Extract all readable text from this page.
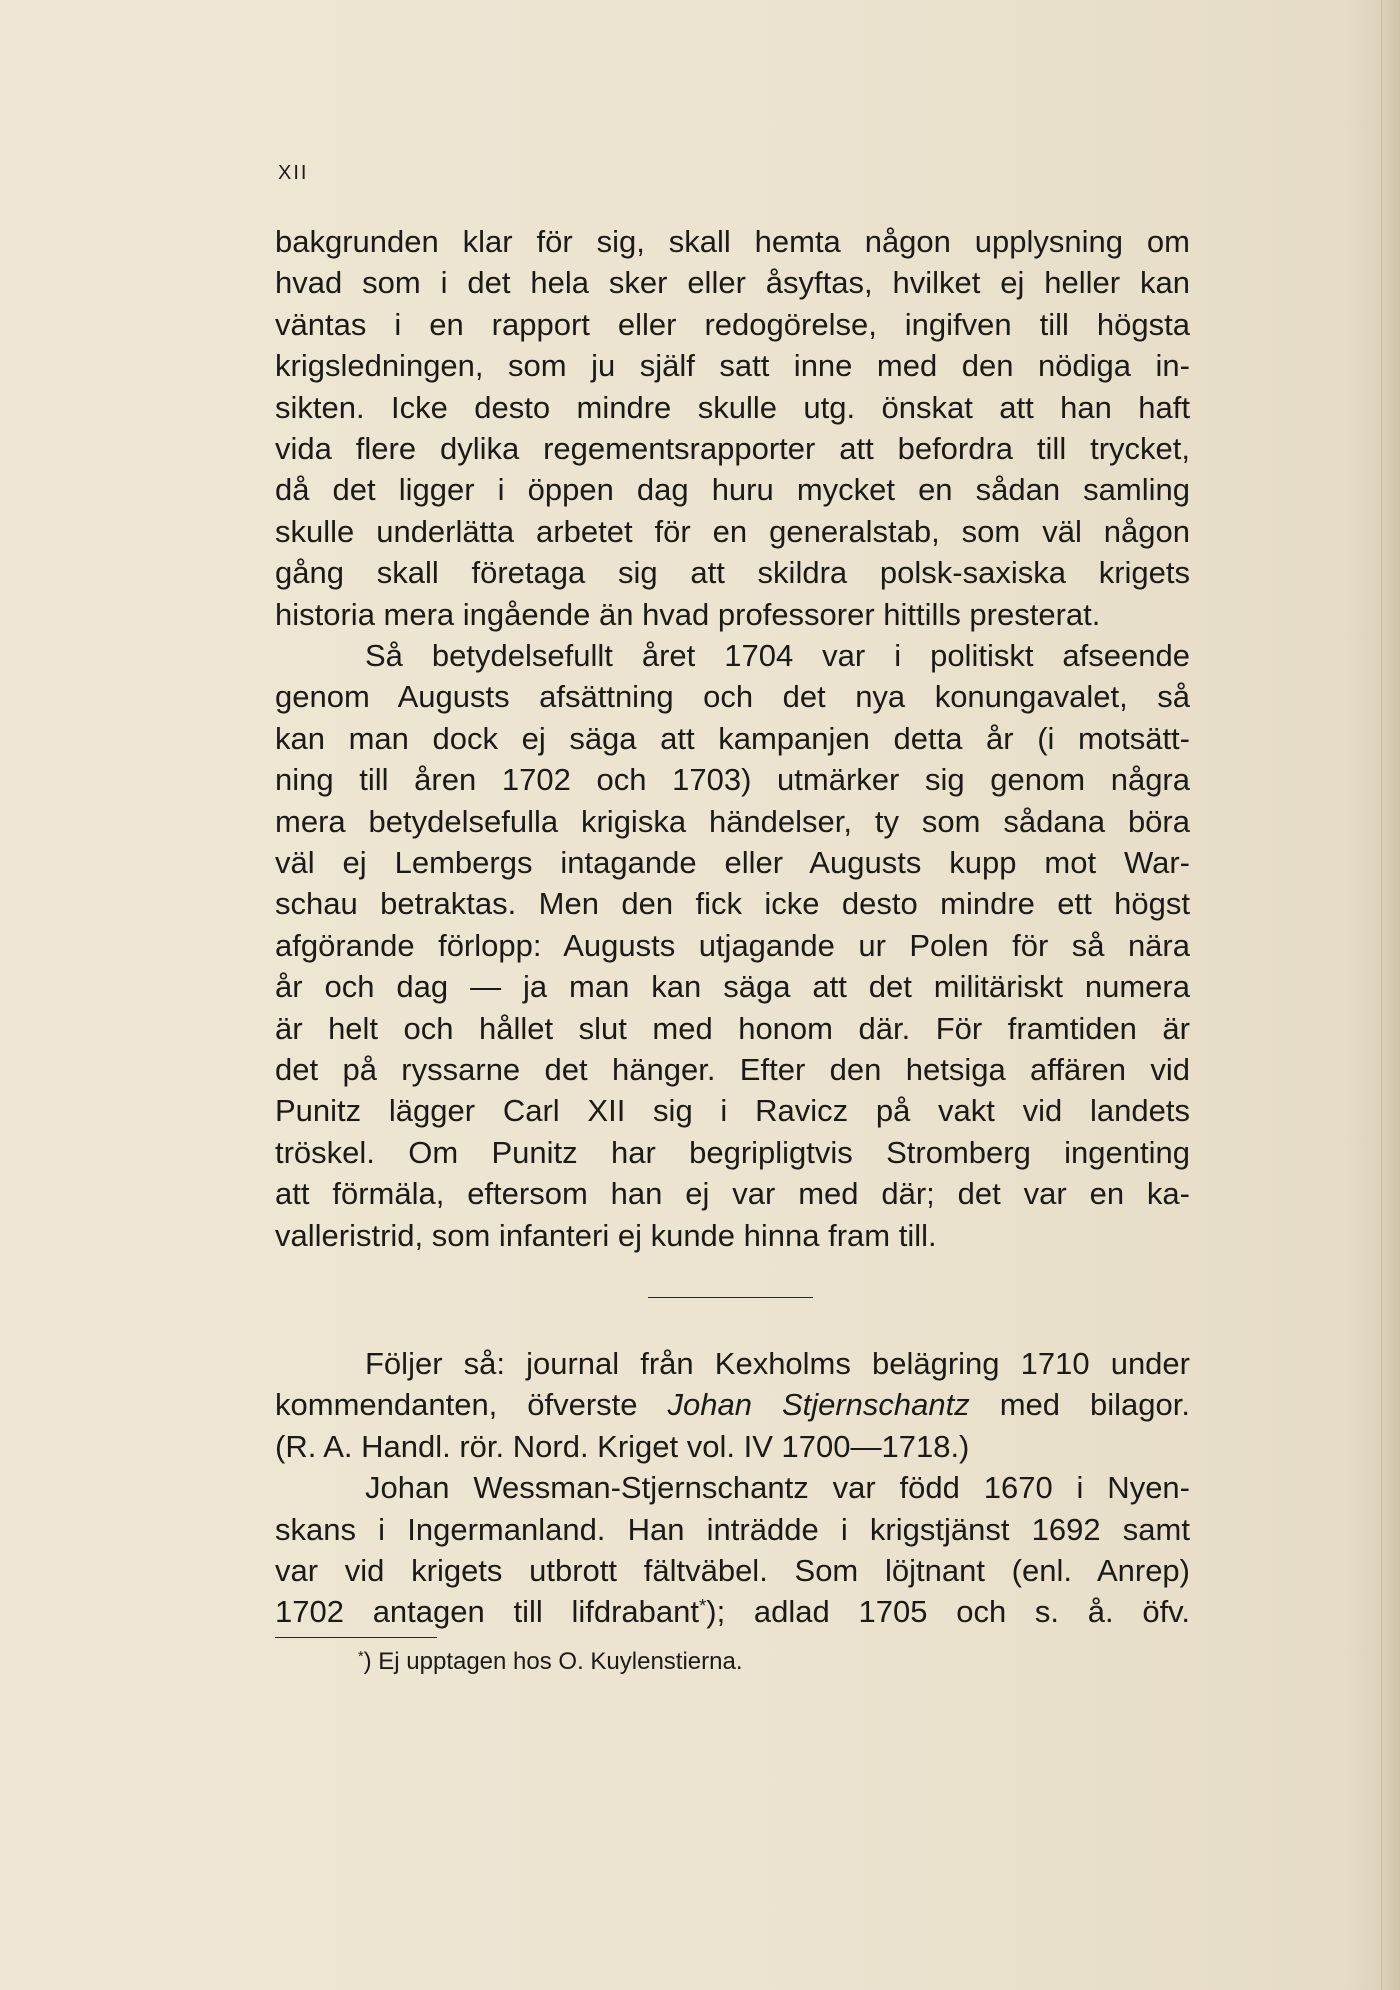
XII
bakgrunden klar för sig, skall hemta någon upplysning om
hvad som i det hela sker eller åsyftas, hvilket ej heller kan
väntas i en rapport eller redogörelse, ingifven till högsta
krigsledningen, som ju själf satt inne med den nödiga in-
sikten. Icke desto mindre skulle utg. önskat att han haft
vida flere dylika regementsrapporter att befordra till trycket,
då det ligger i öppen dag huru mycket en sådan samling
skulle underlätta arbetet för en generalstab, som väl någon
gång skall företaga sig att skildra polsk-saxiska krigets
historia mera ingående än hvad professorer hittills presterat.
Så betydelsefullt året 1704 var i politiskt afseende
genom Augusts afsättning och det nya konungavalet, så
kan man dock ej säga att kampanjen detta år (i motsätt-
ning till åren 1702 och 1703) utmärker sig genom några
mera betydelsefulla krigiska händelser, ty som sådana böra
väl ej Lembergs intagande eller Augusts kupp mot War-
schau betraktas. Men den fick icke desto mindre ett högst
afgörande förlopp: Augusts utjagande ur Polen för så nära
år och dag — ja man kan säga att det militäriskt numera
är helt och hållet slut med honom där. För framtiden är
det på ryssarne det hänger. Efter den hetsiga affären vid
Punitz lägger Carl XII sig i Ravicz på vakt vid landets
tröskel. Om Punitz har begripligtvis Stromberg ingenting
att förmäla, eftersom han ej var med där; det var en ka-
valleristrid, som infanteri ej kunde hinna fram till.
Följer så: journal från Kexholms belägring 1710 under
kommendanten, öfverste Johan Stjernschantz med bilagor.
(R. A. Handl. rör. Nord. Kriget vol. IV 1700—1718.)
Johan Wessman-Stjernschantz var född 1670 i Nyen-
skans i Ingermanland. Han inträdde i krigstjänst 1692 samt
var vid krigets utbrott fältväbel. Som löjtnant (enl. Anrep)
1702 antagen till lifdrabant*); adlad 1705 och s. å. öfv.
*) Ej upptagen hos O. Kuylenstierna.
